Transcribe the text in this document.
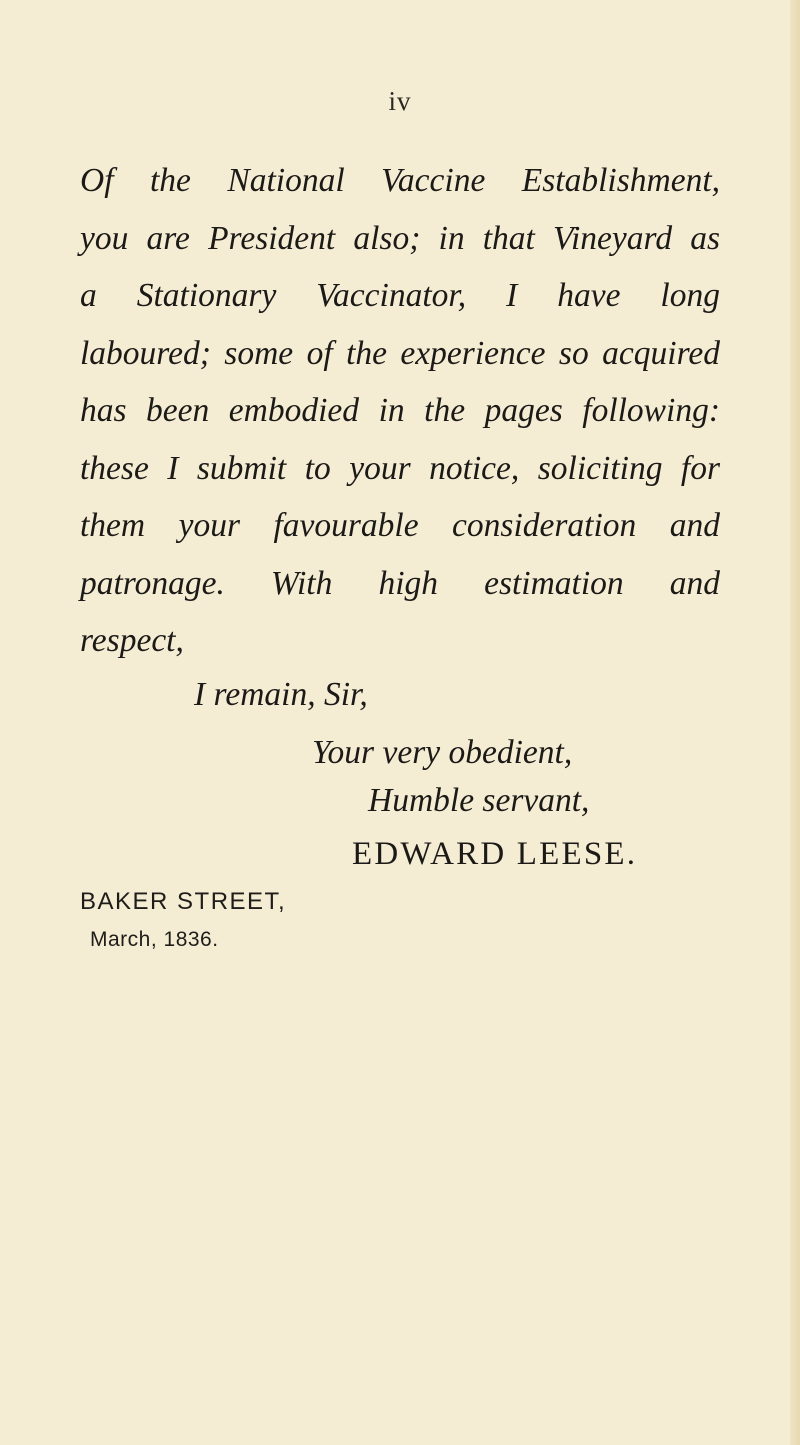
iv
Of the National Vaccine Establishment,
you are President also; in that Vineyard as
a Stationary Vaccinator, I have long
laboured; some of the experience so acquired
has been embodied in the pages following:
these I submit to your notice, soliciting for
them your favourable consideration and
patronage. With high estimation and
respect,
I remain, Sir,
Your very obedient,
Humble servant,
EDWARD LEESE.
BAKER STREET,
March, 1836.
